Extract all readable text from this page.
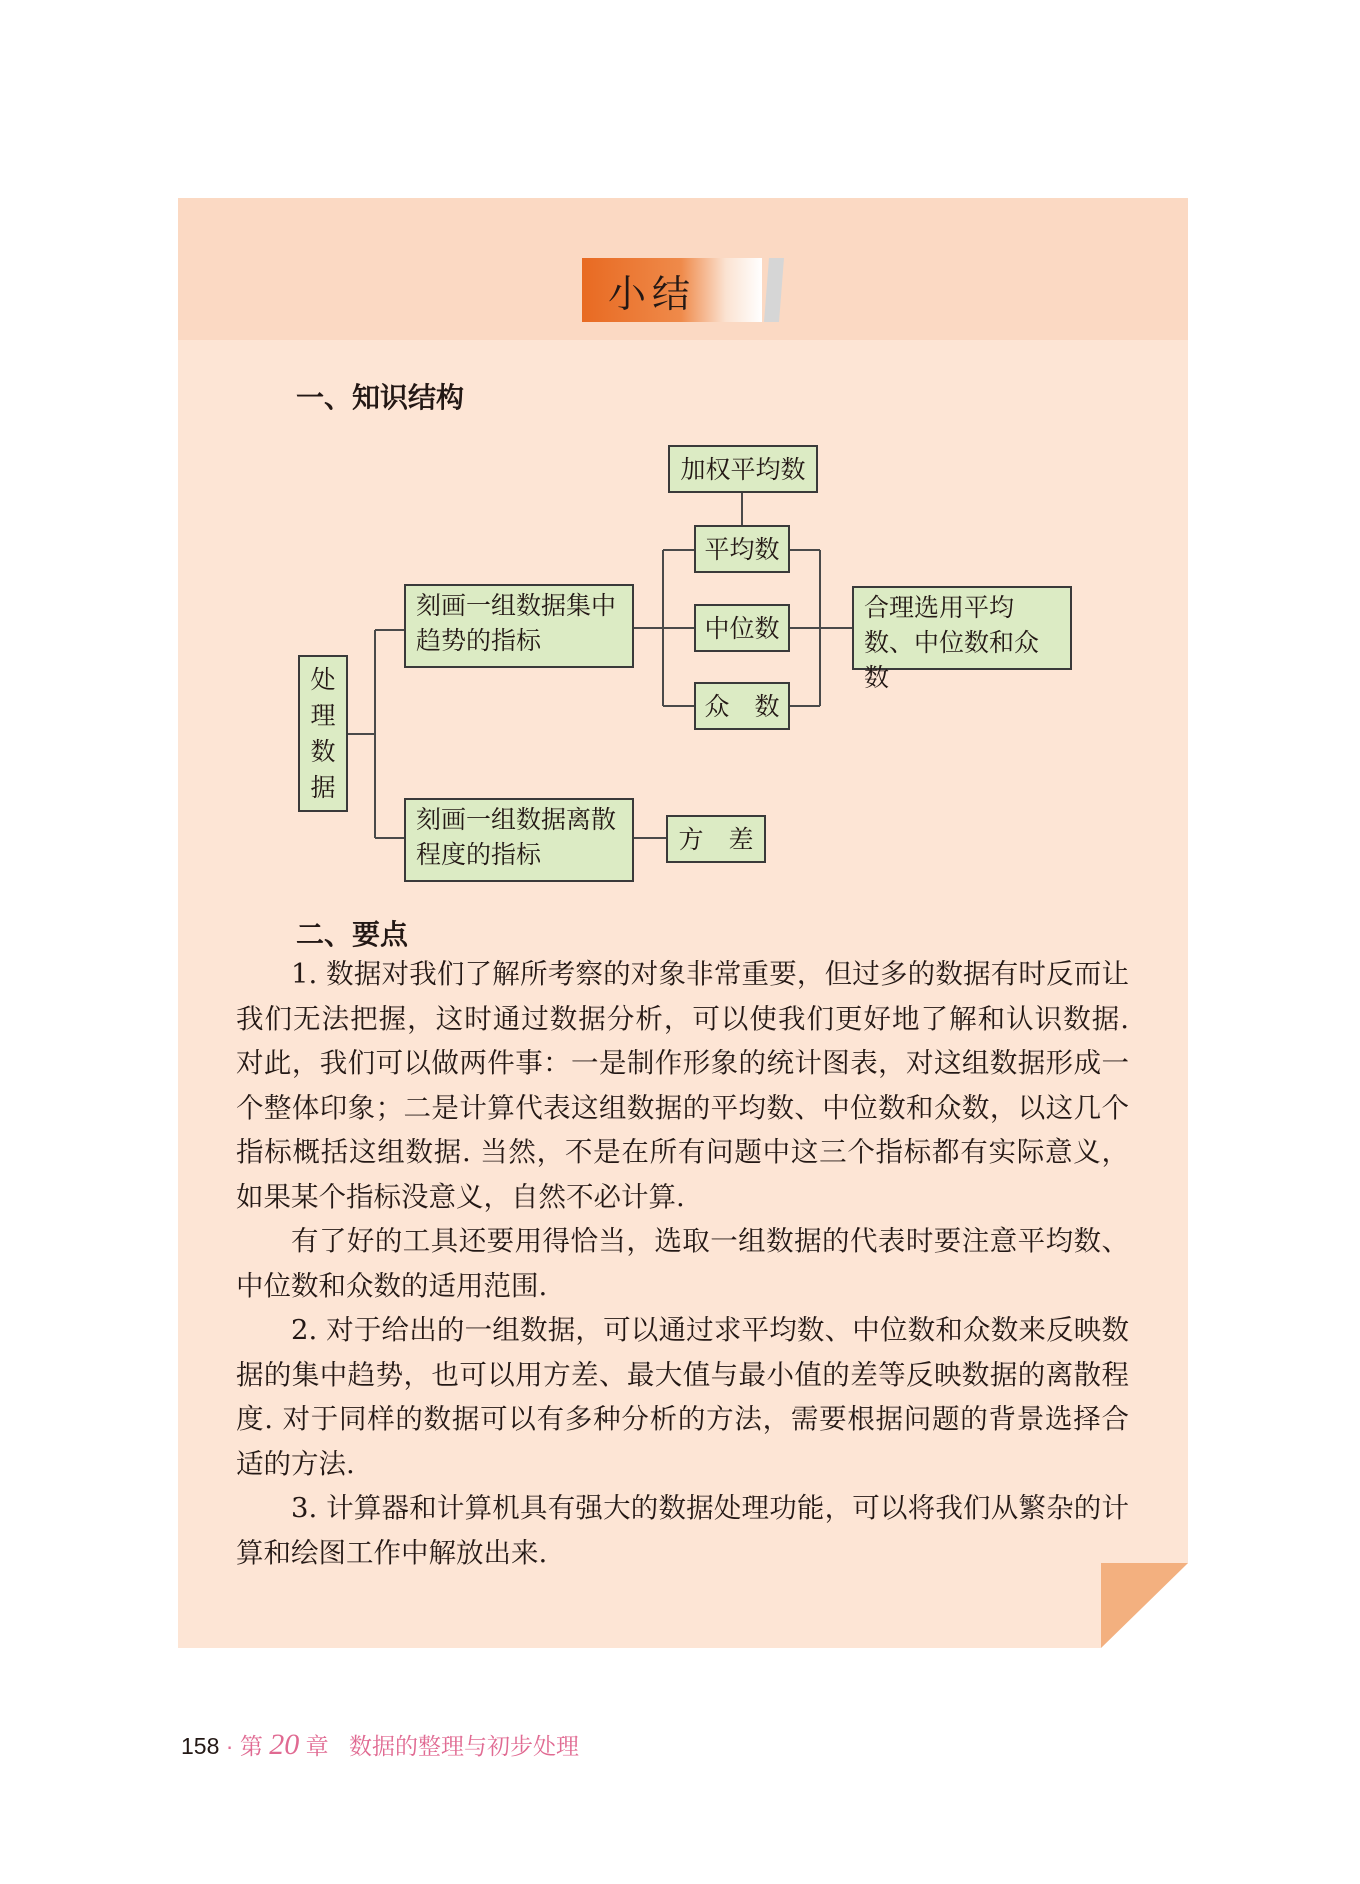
小结
一、知识结构
处
理
数
据
刻画一组数据集中趋势的指标
刻画一组数据离散程度的指标
加权平均数
平均数
中位数
众　数
方　差
合理选用平均数、中位数和众数
二、要点

1. 数据对我们了解所考察的对象非常重要，但过多的数据有时反而让我们无法把握，这时通过数据分析，可以使我们更好地了解和认识数据. 对此，我们可以做两件事：一是制作形象的统计图表，对这组数据形成一个整体印象；二是计算代表这组数据的平均数、中位数和众数，以这几个指标概括这组数据. 当然，不是在所有问题中这三个指标都有实际意义，如果某个指标没意义，自然不必计算.

有了好的工具还要用得恰当，选取一组数据的代表时要注意平均数、中位数和众数的适用范围.

2. 对于给出的一组数据，可以通过求平均数、中位数和众数来反映数据的集中趋势，也可以用方差、最大值与最小值的差等反映数据的离散程度. 对于同样的数据可以有多种分析的方法，需要根据问题的背景选择合适的方法.

3. 计算器和计算机具有强大的数据处理功能，可以将我们从繁杂的计算和绘图工作中解放出来.

158 · 第 20 章 数据的整理与初步处理
